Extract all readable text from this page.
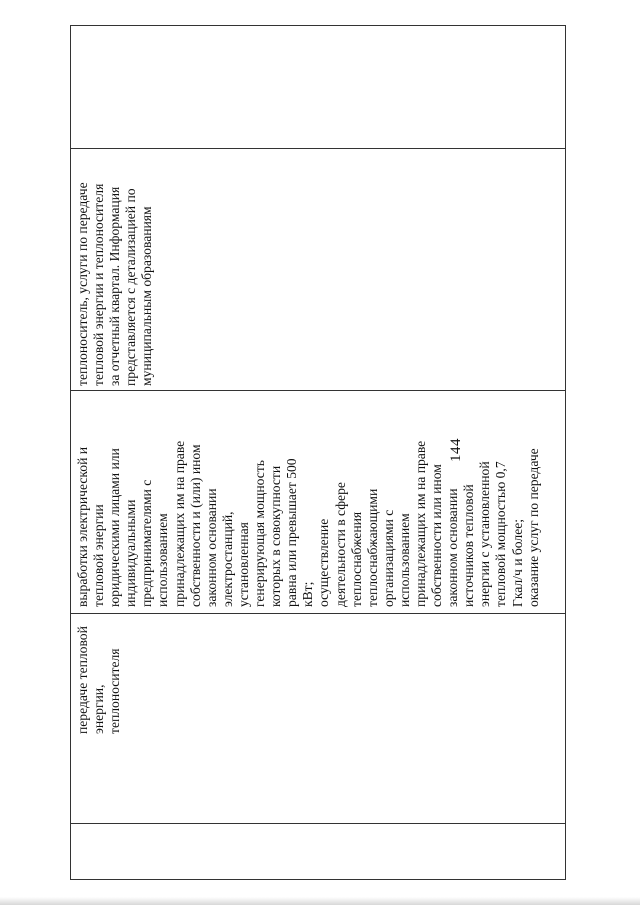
144
передаче тепловой энергии,
теплоносителя
выработки электрической и
тепловой энергии
юридическими лицами или
индивидуальными
предпринимателями с
использованием
принадлежащих им на праве
собственности и (или) ином
законном основании
электростанций,
установленная
генерирующая мощность
которых в совокупности
равна или превышает 500
кВт;
осуществление
деятельности в сфере
теплоснабжения
теплоснабжающими
организациями с
использованием
принадлежащих им на праве
собственности или ином
законном основании
источников тепловой
энергии с установленной
тепловой мощностью 0,7
Гкал/ч и более;
оказание услуг по передаче
теплоноситель, услуги по передаче
тепловой энергии и теплоносителя
за отчетный квартал. Информация
представляется с детализацией по
муниципальным образованиям
